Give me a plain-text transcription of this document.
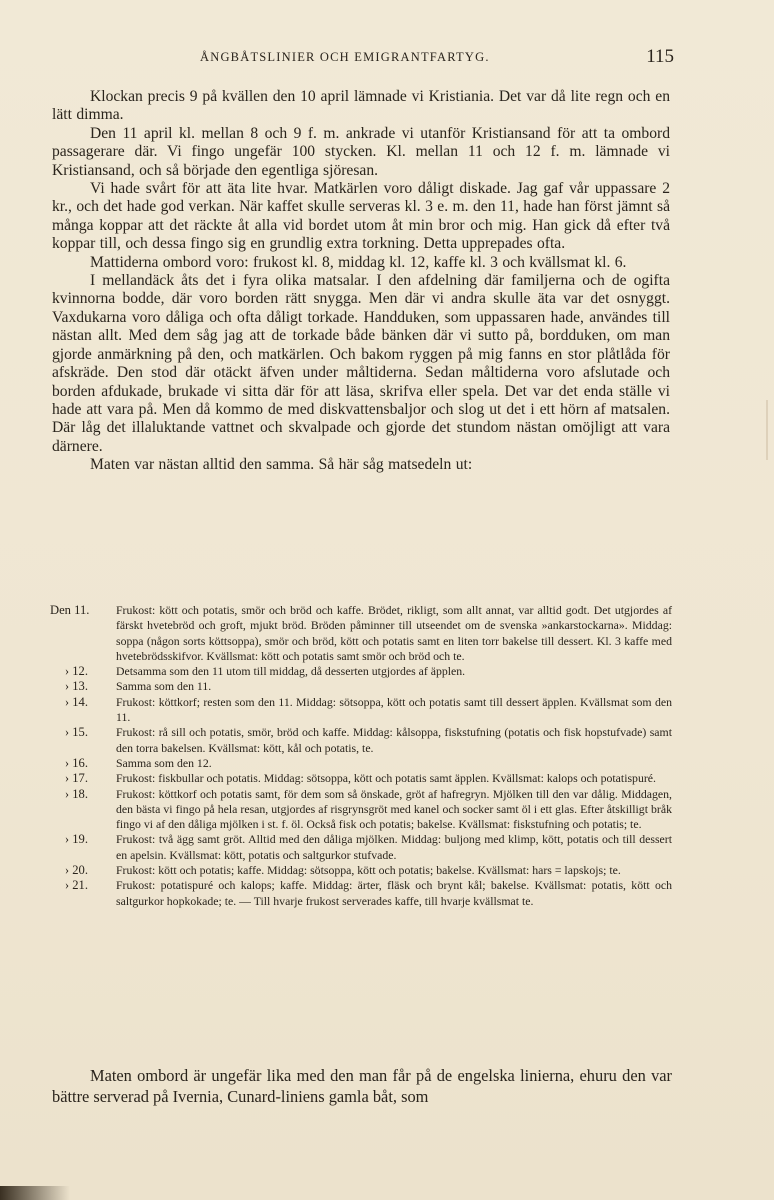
ÅNGBÅTSLINIER OCH EMIGRANTFARTYG.	115

Klockan precis 9 på kvällen den 10 april lämnade vi Kristiania. Det var då lite regn och en lätt dimma.

Den 11 april kl. mellan 8 och 9 f. m. ankrade vi utanför Kristiansand för att ta ombord passagerare där. Vi fingo ungefär 100 stycken. Kl. mellan 11 och 12 f. m. lämnade vi Kristiansand, och så började den egentliga sjöresan.

Vi hade svårt för att äta lite hvar. Matkärlen voro dåligt diskade. Jag gaf vår uppassare 2 kr., och det hade god verkan. När kaffet skulle serveras kl. 3 e. m. den 11, hade han först jämnt så många koppar att det räckte åt alla vid bordet utom åt min bror och mig. Han gick då efter två koppar till, och dessa fingo sig en grundlig extra torkning. Detta upprepades ofta.

Mattiderna ombord voro: frukost kl. 8, middag kl. 12, kaffe kl. 3 och kvällsmat kl. 6.

I mellandäck åts det i fyra olika matsalar. I den afdelning där familjerna och de ogifta kvinnorna bodde, där voro borden rätt snygga. Men där vi andra skulle äta var det osnyggt. Vaxdukarna voro dåliga och ofta dåligt torkade. Handduken, som uppassaren hade, användes till nästan allt. Med dem såg jag att de torkade både bänken där vi sutto på, bordduken, om man gjorde anmärkning på den, och matkärlen. Och bakom ryggen på mig fanns en stor plåtlåda för afskräde. Den stod där otäckt äfven under måltiderna. Sedan måltiderna voro afslutade och borden afdukade, brukade vi sitta där för att läsa, skrifva eller spela. Det var det enda ställe vi hade att vara på. Men då kommo de med diskvattensbaljor och slog ut det i ett hörn af matsalen. Där låg det illaluktande vattnet och skvalpade och gjorde det stundom nästan omöjligt att vara därnere.

Maten var nästan alltid den samma. Så här såg matsedeln ut:

Den 11.	Frukost: kött och potatis, smör och bröd och kaffe. Brödet, rikligt, som allt annat, var alltid godt. Det utgjordes af färskt hvetebröd och groft, mjukt bröd. Bröden påminner till utseendet om de svenska »ankarstockarna». Middag: soppa (någon sorts köttsoppa), smör och bröd, kött och potatis samt en liten torr bakelse till dessert. Kl. 3 kaffe med hvetebrödsskifvor. Kvällsmat: kött och potatis samt smör och bröd och te.
› 12.	Detsamma som den 11 utom till middag, då desserten utgjordes af äpplen.
› 13.	Samma som den 11.
› 14.	Frukost: köttkorf; resten som den 11. Middag: sötsoppa, kött och potatis samt till dessert äpplen. Kvällsmat som den 11.
› 15.	Frukost: rå sill och potatis, smör, bröd och kaffe. Middag: kålsoppa, fiskstufning (potatis och fisk hopstufvade) samt den torra bakelsen. Kvällsmat: kött, kål och potatis, te.
› 16.	Samma som den 12.
› 17.	Frukost: fiskbullar och potatis. Middag: sötsoppa, kött och potatis samt äpplen. Kvällsmat: kalops och potatispuré.
› 18.	Frukost: köttkorf och potatis samt, för dem som så önskade, gröt af hafregryn. Mjölken till den var dålig. Middagen, den bästa vi fingo på hela resan, utgjordes af risgrynsgröt med kanel och socker samt öl i ett glas. Efter åtskilligt bråk fingo vi af den dåliga mjölken i st. f. öl. Också fisk och potatis; bakelse. Kvällsmat: fiskstufning och potatis; te.
› 19.	Frukost: två ägg samt gröt. Alltid med den dåliga mjölken. Middag: buljong med klimp, kött, potatis och till dessert en apelsin. Kvällsmat: kött, potatis och saltgurkor stufvade.
› 20.	Frukost: kött och potatis; kaffe. Middag: sötsoppa, kött och potatis; bakelse. Kvällsmat: hars = lapskojs; te.
› 21.	Frukost: potatispuré och kalops; kaffe. Middag: ärter, fläsk och brynt kål; bakelse. Kvällsmat: potatis, kött och saltgurkor hopkokade; te. — Till hvarje frukost serverades kaffe, till hvarje kvällsmat te.

Maten ombord är ungefär lika med den man får på de engelska linierna, ehuru den var bättre serverad på Ivernia, Cunard-liniens gamla båt, som
